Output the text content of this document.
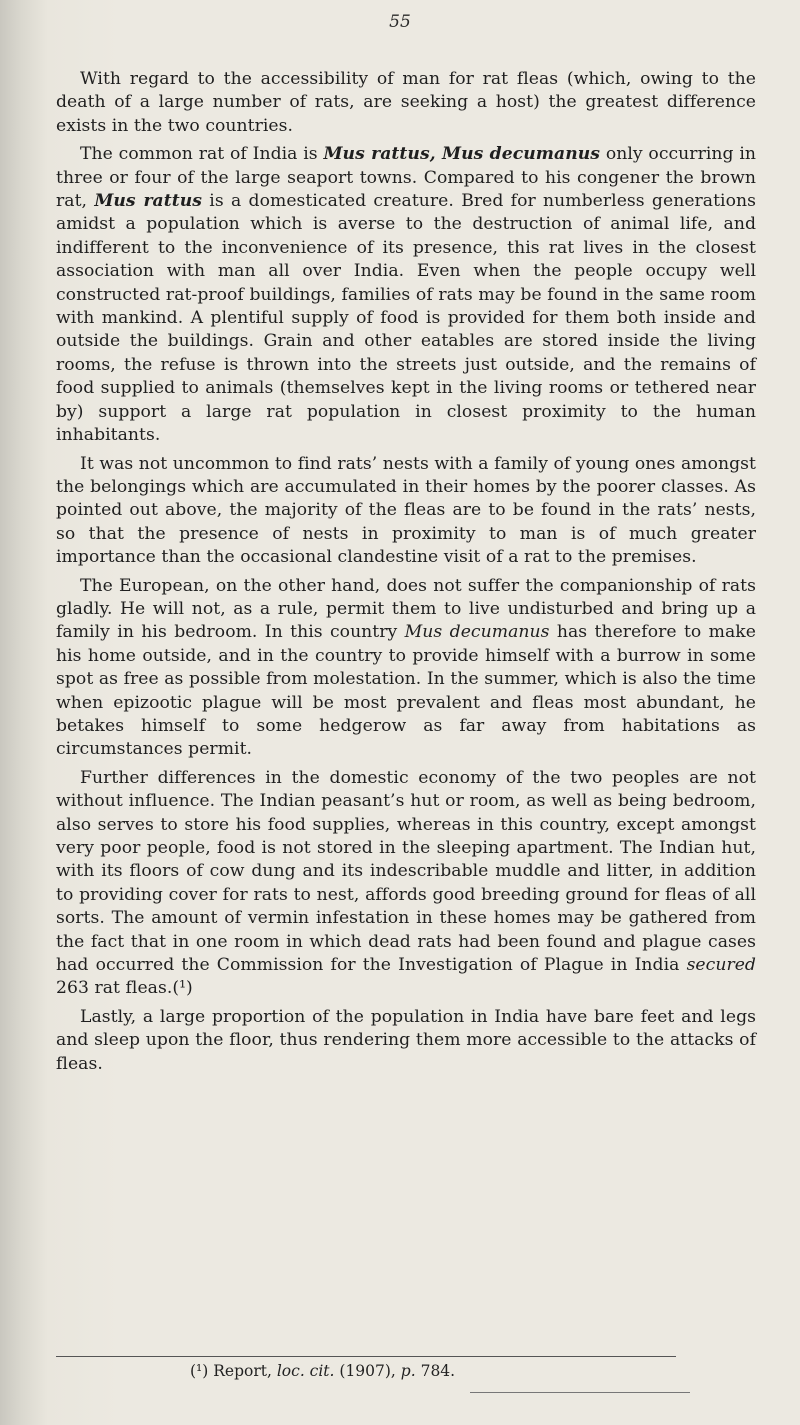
55

With regard to the accessibility of man for rat fleas (which, owing to the death of a large number of rats, are seeking a host) the greatest difference exists in the two countries.

The common rat of India is Mus rattus, Mus decumanus only occurring in three or four of the large seaport towns. Compared to his congener the brown rat, Mus rattus is a domesticated creature. Bred for numberless generations amidst a population which is averse to the destruction of animal life, and indifferent to the inconvenience of its presence, this rat lives in the closest association with man all over India. Even when the people occupy well constructed rat-proof buildings, families of rats may be found in the same room with mankind. A plentiful supply of food is provided for them both inside and outside the buildings. Grain and other eatables are stored inside the living rooms, the refuse is thrown into the streets just outside, and the remains of food supplied to animals (themselves kept in the living rooms or tethered near by) support a large rat population in closest proximity to the human inhabitants.

It was not uncommon to find rats’ nests with a family of young ones amongst the belongings which are accumulated in their homes by the poorer classes. As pointed out above, the majority of the fleas are to be found in the rats’ nests, so that the presence of nests in proximity to man is of much greater importance than the occasional clandestine visit of a rat to the premises.

The European, on the other hand, does not suffer the companionship of rats gladly. He will not, as a rule, permit them to live undisturbed and bring up a family in his bedroom. In this country Mus decumanus has therefore to make his home outside, and in the country to provide himself with a burrow in some spot as free as possible from molestation. In the summer, which is also the time when epizootic plague will be most prevalent and fleas most abundant, he betakes himself to some hedgerow as far away from habitations as circumstances permit.

Further differences in the domestic economy of the two peoples are not without influence. The Indian peasant’s hut or room, as well as being bedroom, also serves to store his food supplies, whereas in this country, except amongst very poor people, food is not stored in the sleeping apartment. The Indian hut, with its floors of cow dung and its indescribable muddle and litter, in addition to providing cover for rats to nest, affords good breeding ground for fleas of all sorts. The amount of vermin infestation in these homes may be gathered from the fact that in one room in which dead rats had been found and plague cases had occurred the Commission for the Investigation of Plague in India secured 263 rat fleas.(¹)

Lastly, a large proportion of the population in India have bare feet and legs and sleep upon the floor, thus rendering them more accessible to the attacks of fleas.

(¹) Report, loc. cit. (1907), p. 784.
